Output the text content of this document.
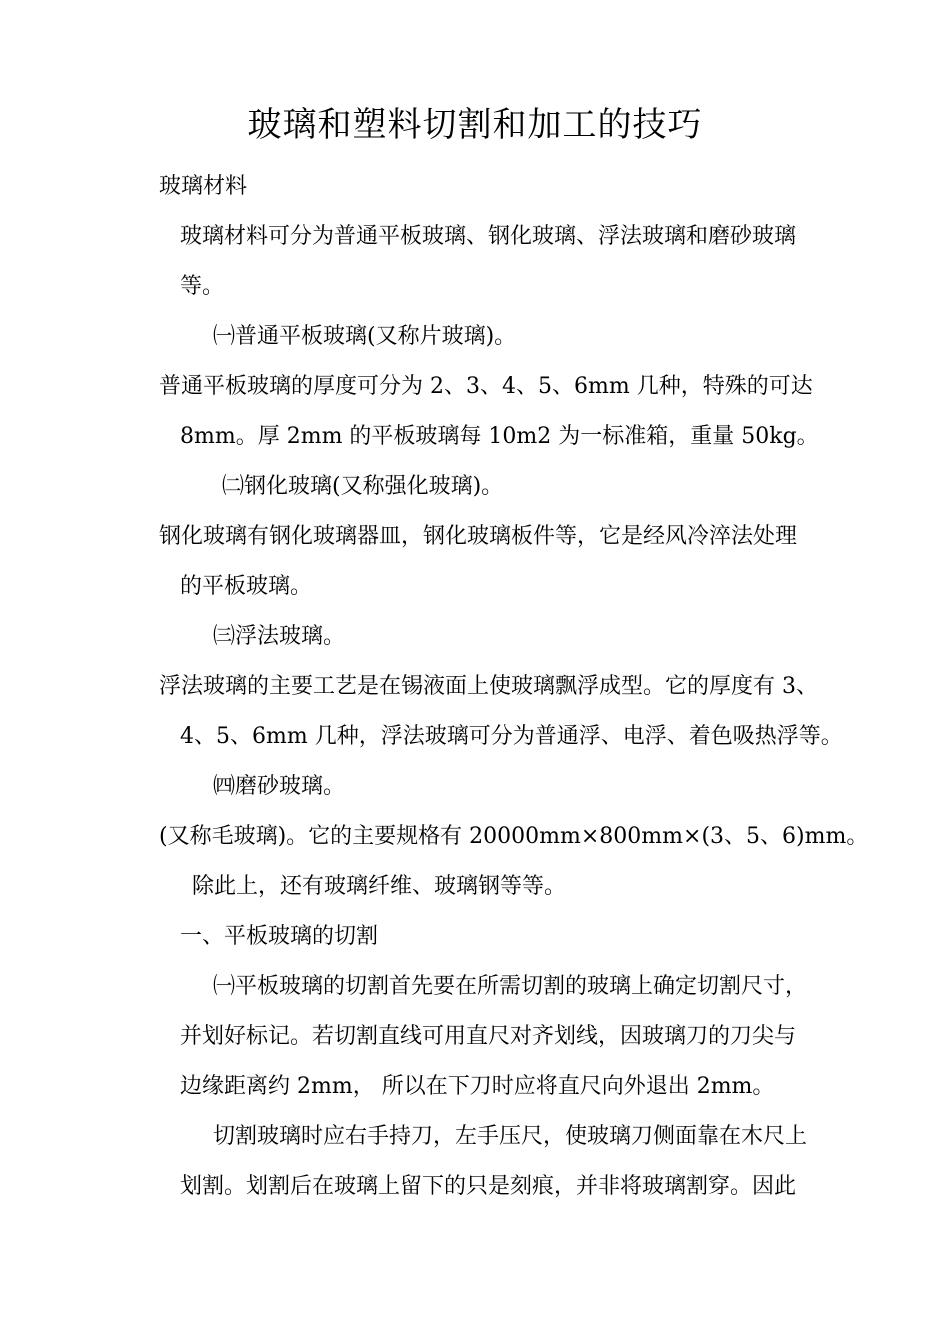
玻璃和塑料切割和加工的技巧
玻璃材料
玻璃材料可分为普通平板玻璃、钢化玻璃、浮法玻璃和磨砂玻璃
等。
㈠普通平板玻璃(又称片玻璃)。
普通平板玻璃的厚度可分为 2、3、4、5、6mm 几种，特殊的可达
8mm。厚 2mm 的平板玻璃每 10m2 为一标准箱，重量 50kg。
㈡钢化玻璃(又称强化玻璃)。
钢化玻璃有钢化玻璃器皿，钢化玻璃板件等，它是经风冷淬法处理
的平板玻璃。
㈢浮法玻璃。
浮法玻璃的主要工艺是在锡液面上使玻璃飘浮成型。它的厚度有 3、
4、5、6mm 几种，浮法玻璃可分为普通浮、电浮、着色吸热浮等。
㈣磨砂玻璃。
(又称毛玻璃)。它的主要规格有 20000mm×800mm×(3、5、6)mm。
除此上，还有玻璃纤维、玻璃钢等等。
一、平板玻璃的切割
㈠平板玻璃的切割首先要在所需切割的玻璃上确定切割尺寸，
并划好标记。若切割直线可用直尺对齐划线，因玻璃刀的刀尖与
边缘距离约 2mm， 所以在下刀时应将直尺向外退出 2mm。
切割玻璃时应右手持刀，左手压尺，使玻璃刀侧面靠在木尺上
划割。划割后在玻璃上留下的只是刻痕，并非将玻璃割穿。因此
